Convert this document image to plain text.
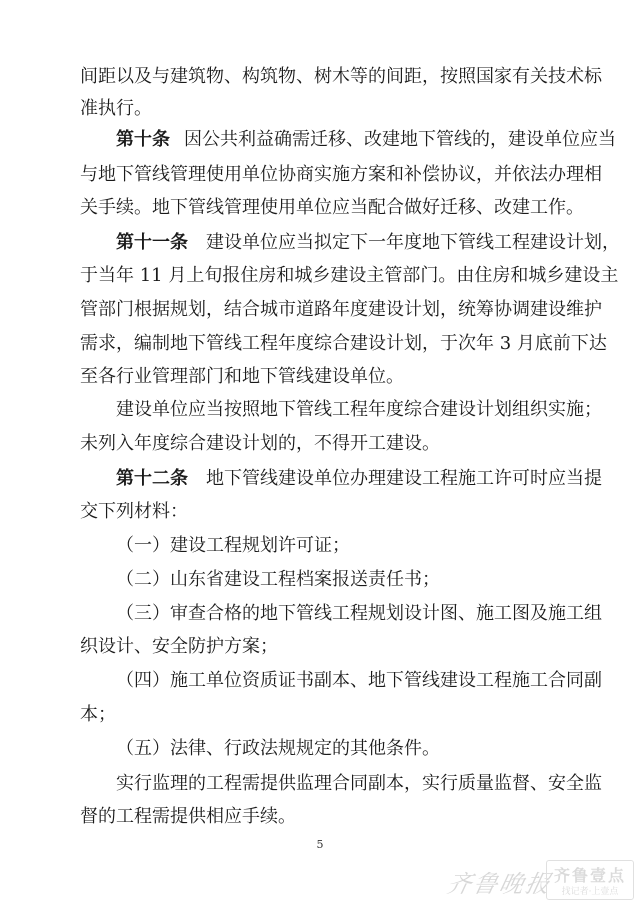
间距以及与建筑物、构筑物、树木等的间距，按照国家有关技术标
准执行。
第十条 因公共利益确需迁移、改建地下管线的，建设单位应当
与地下管线管理使用单位协商实施方案和补偿协议，并依法办理相
关手续。地下管线管理使用单位应当配合做好迁移、改建工作。
第十一条 建设单位应当拟定下一年度地下管线工程建设计划，
于当年 11 月上旬报住房和城乡建设主管部门。由住房和城乡建设主
管部门根据规划，结合城市道路年度建设计划，统筹协调建设维护
需求，编制地下管线工程年度综合建设计划，于次年 3 月底前下达
至各行业管理部门和地下管线建设单位。
建设单位应当按照地下管线工程年度综合建设计划组织实施；
未列入年度综合建设计划的，不得开工建设。
第十二条 地下管线建设单位办理建设工程施工许可时应当提
交下列材料：
（一）建设工程规划许可证；
（二）山东省建设工程档案报送责任书；
（三）审查合格的地下管线工程规划设计图、施工图及施工组
织设计、安全防护方案；
（四）施工单位资质证书副本、地下管线建设工程施工合同副
本；
（五）法律、行政法规规定的其他条件。
实行监理的工程需提供监理合同副本，实行质量监督、安全监
督的工程需提供相应手续。
5
齐鲁晚报 齐鲁壹点
找记者·上壹点
